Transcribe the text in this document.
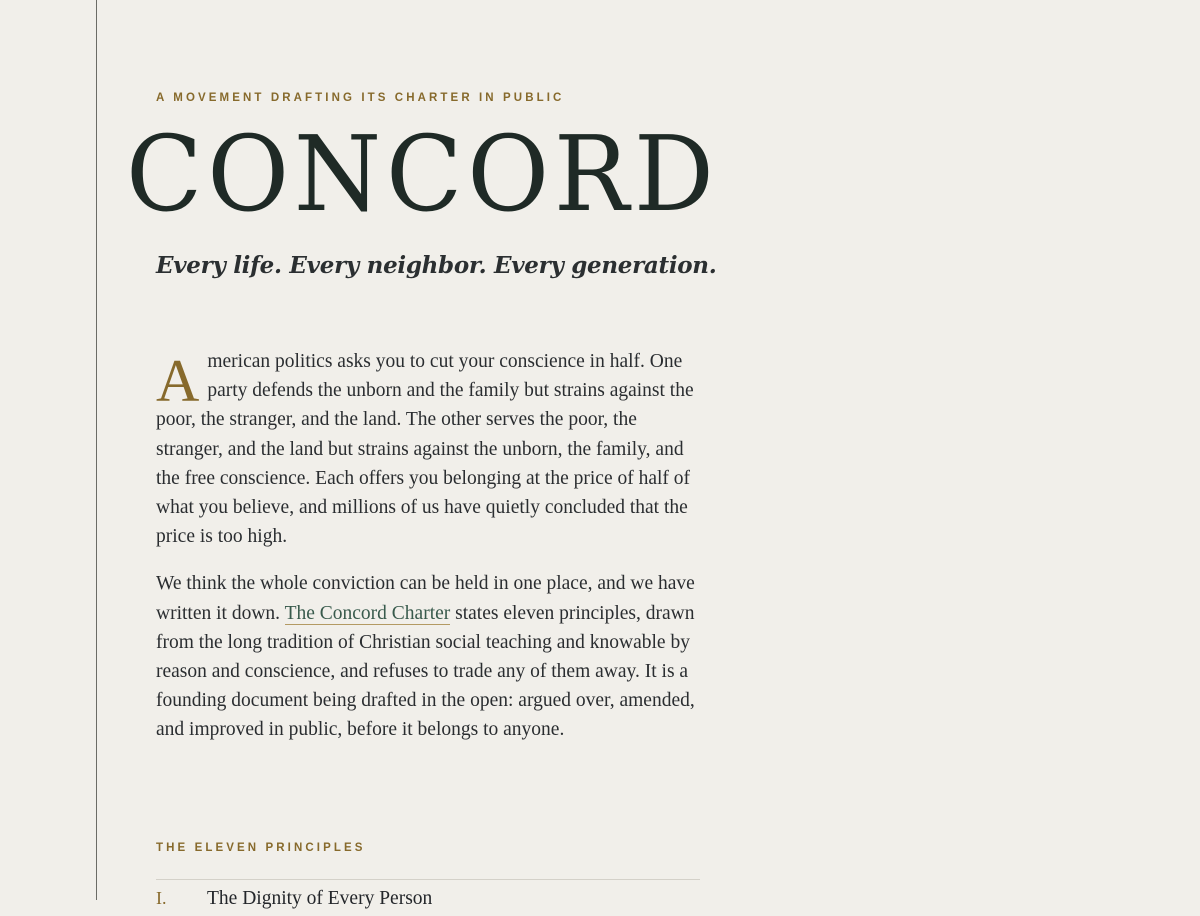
A MOVEMENT DRAFTING ITS CHARTER IN PUBLIC
CONCORD

Every life. Every neighbor. Every generation.

American politics asks you to cut your conscience in half. One party defends the unborn and the family but strains against the poor, the stranger, and the land. The other serves the poor, the stranger, and the land but strains against the unborn, the family, and the free conscience. Each offers you belonging at the price of half of what you believe, and millions of us have quietly concluded that the price is too high.

We think the whole conviction can be held in one place, and we have written it down. The Concord Charter states eleven principles, drawn from the long tradition of Christian social teaching and knowable by reason and conscience, and refuses to trade any of them away. It is a founding document being drafted in the open: argued over, amended, and improved in public, before it belongs to anyone.

THE ELEVEN PRINCIPLES
I. The Dignity of Every Person
